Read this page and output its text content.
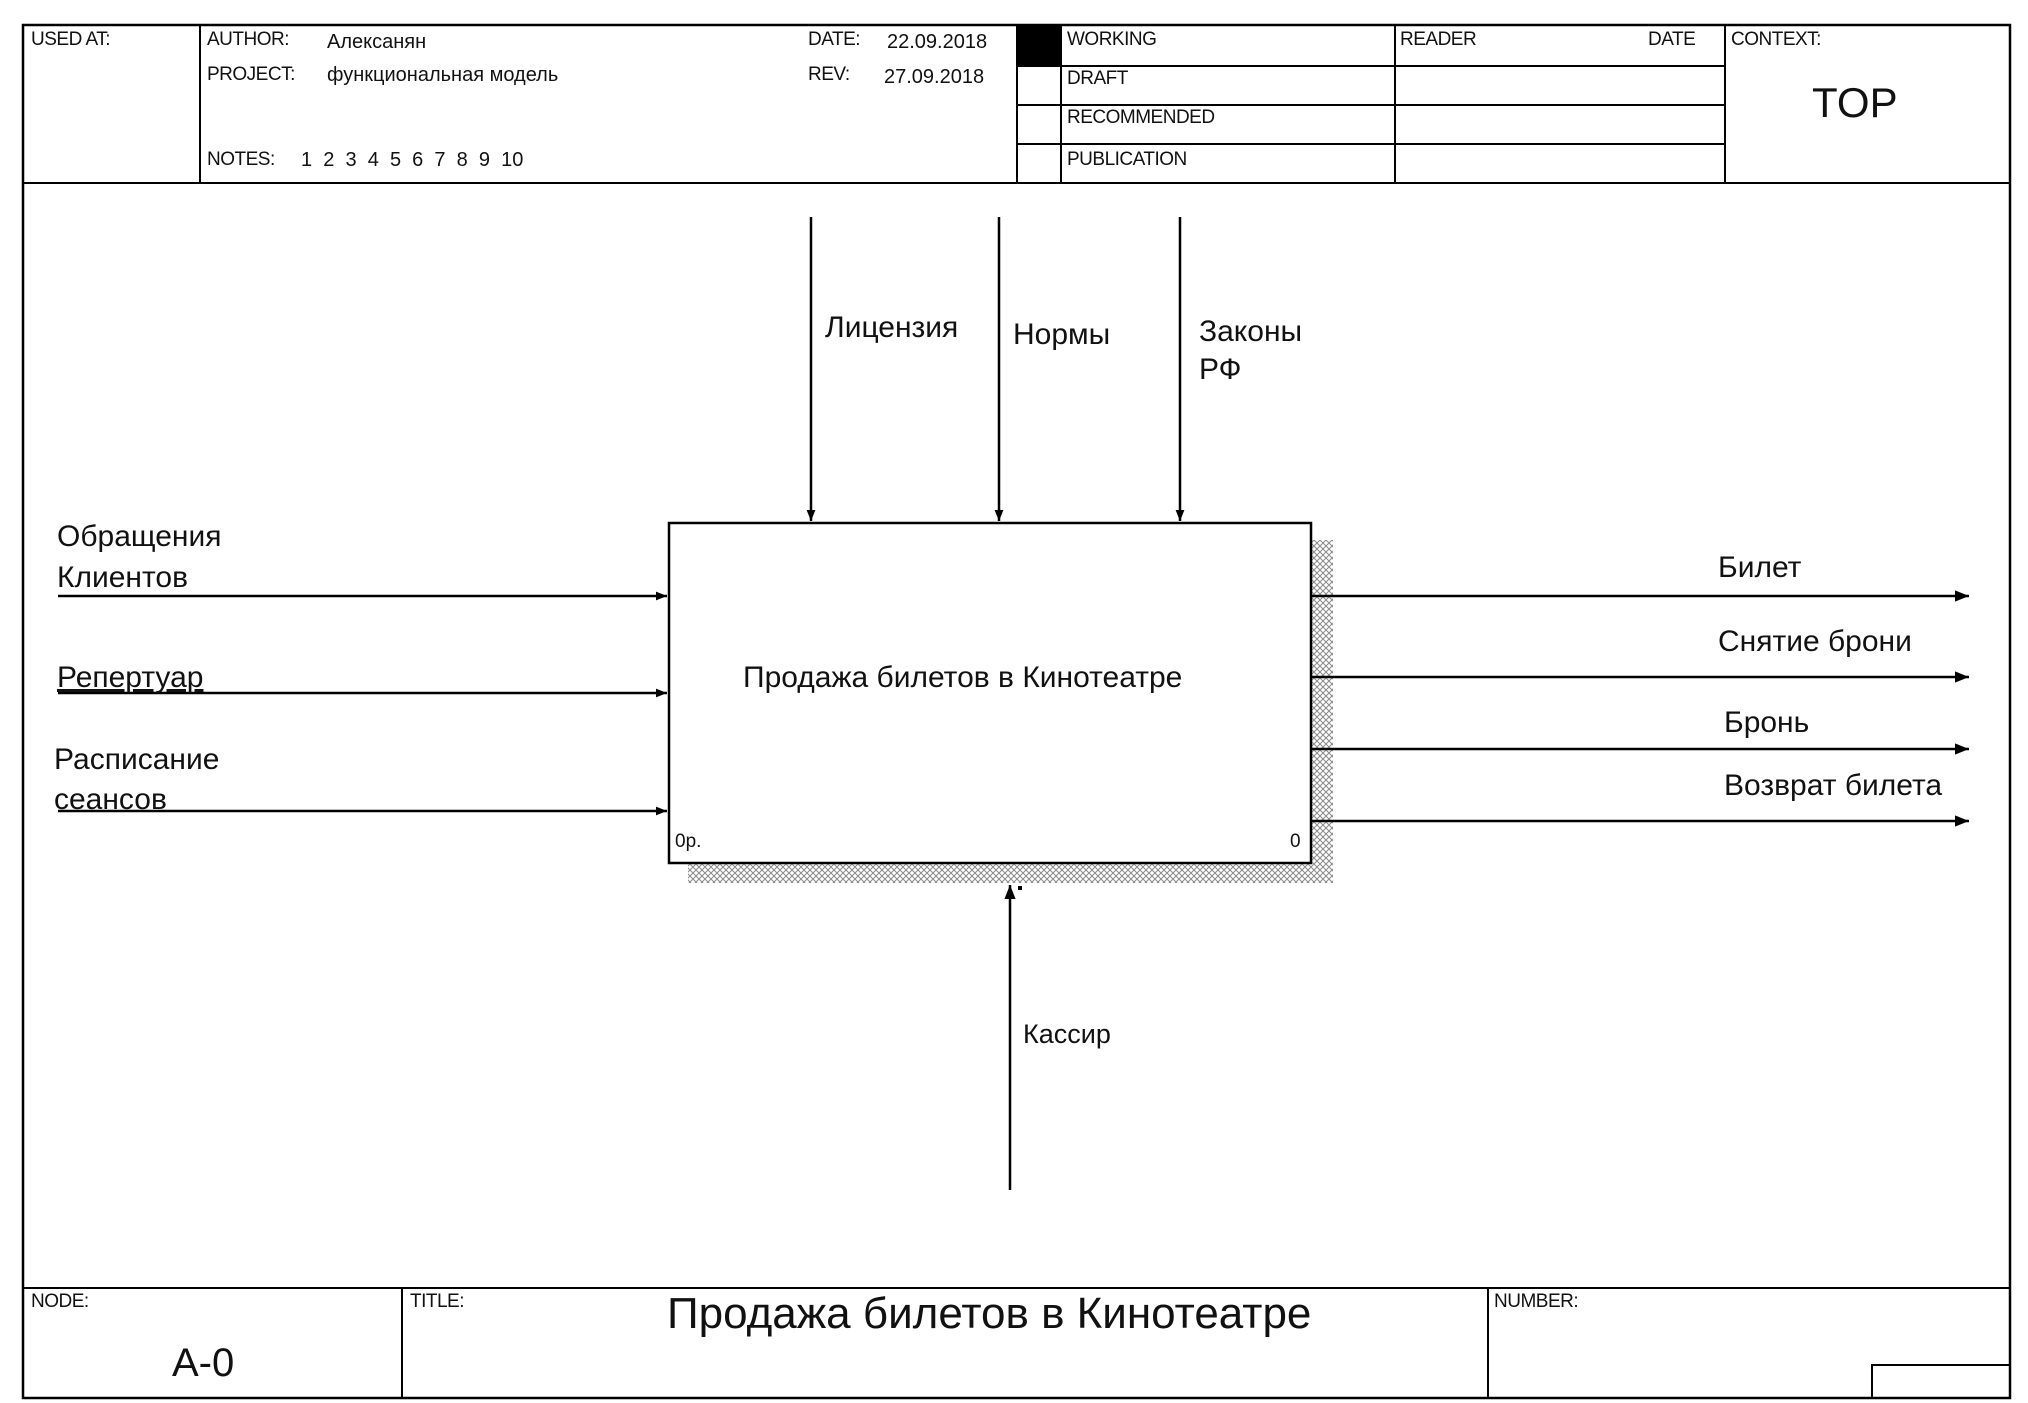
USED AT:	AUTHOR: Алексанян
PROJECT: функциональная модель
NOTES: 1  2  3  4  5  6  7  8  9  10
DATE: 22.09.2018
REV: 27.09.2018
WORKING
DRAFT
RECOMMENDED
PUBLICATION
READER	DATE CONTEXT:
TOP
Лицензия Нормы	Законы
РФ
Обращения
Клиентов
Репертуар
Расписание
сеансов
Продажа билетов в Кинотеатре
0р.	0
Билет
Снятие брони
Бронь
Возврат билета
Кассир
NODE:
A-0
TITLE:	Продажа билетов в Кинотеатре	NUMBER:
